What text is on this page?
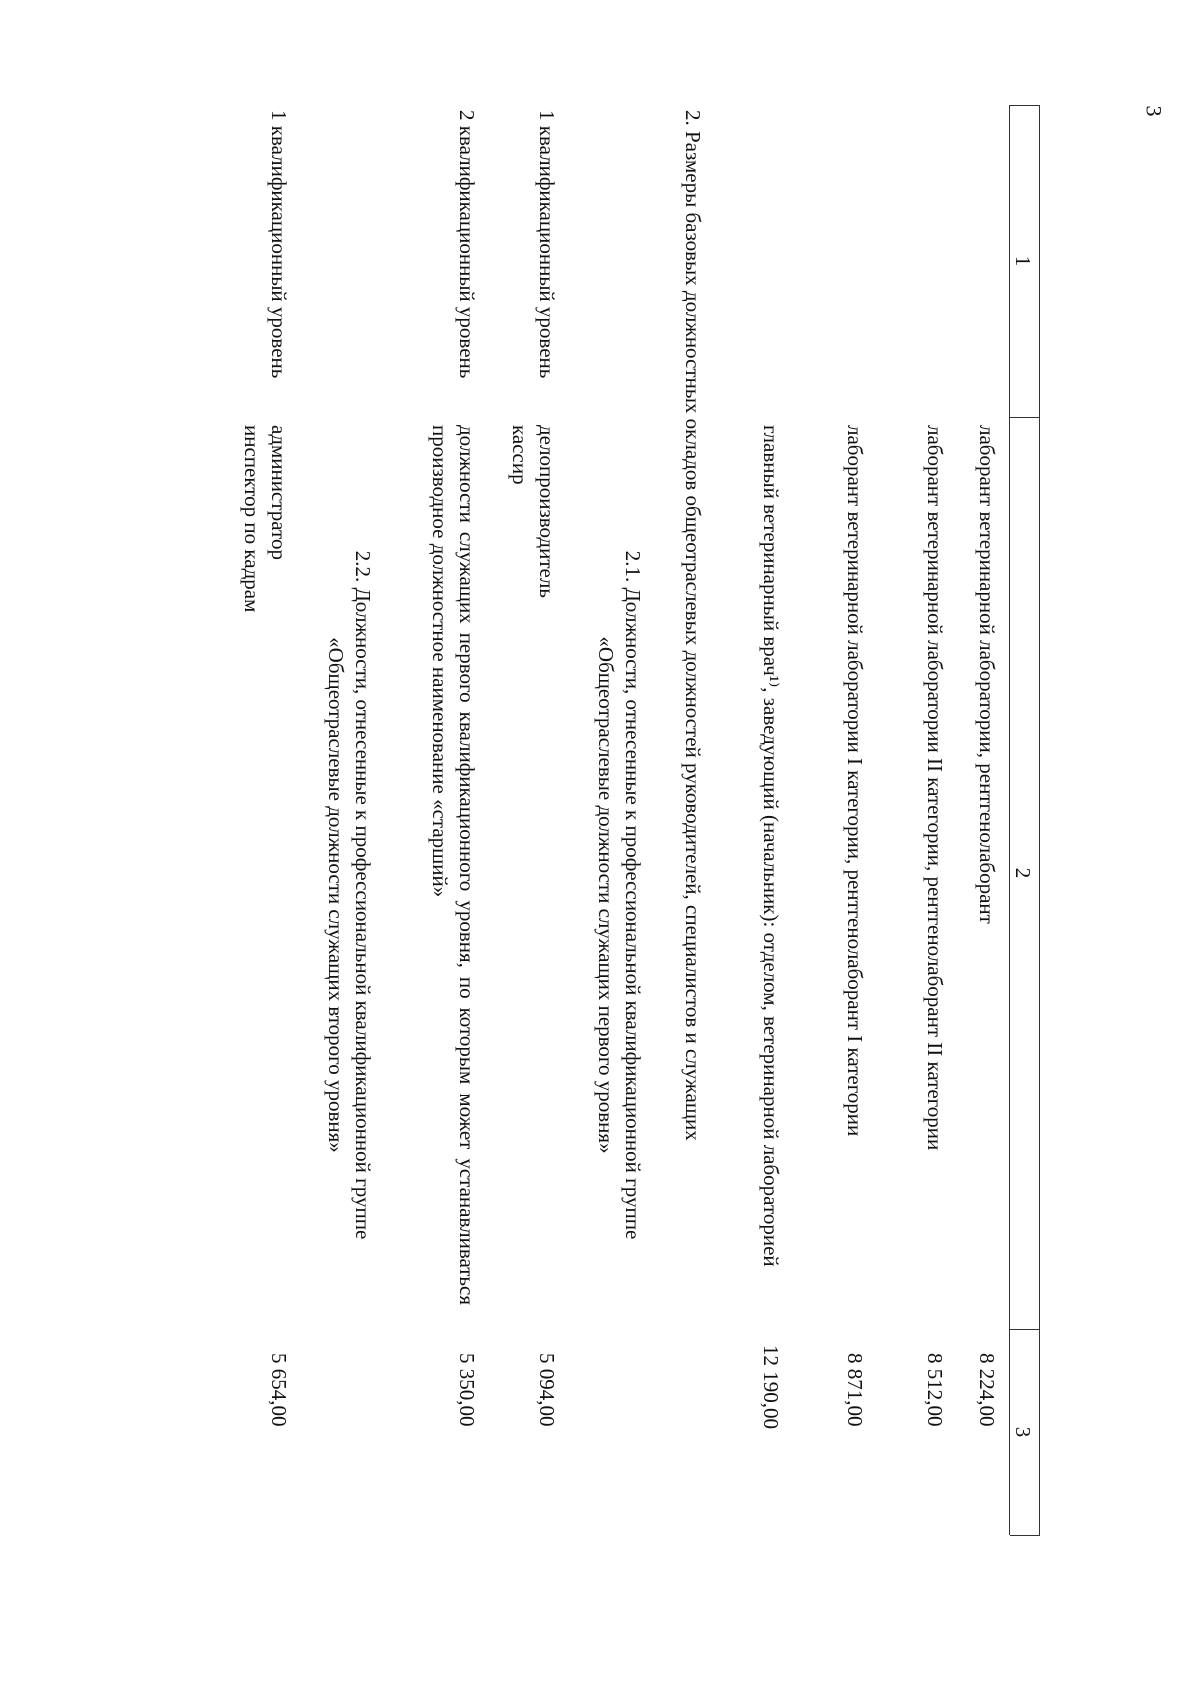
3
1
2
3
лаборант ветеринарной лаборатории, рентгенолаборант
8 224,00
лаборант ветеринарной лаборатории II категории, рентгенолаборант II категории
8 512,00
лаборант ветеринарной лаборатории I категории, рентгенолаборант I категории
8 871,00
главный ветеринарный врач¹⁾, заведующий (начальник): отделом, ветеринарной лабораторией
12 190,00
2. Размеры базовых должностных окладов общеотраслевых должностей руководителей, специалистов и служащих
2.1. Должности, отнесенные к профессиональной квалификационной группе
«Общеотраслевые должности служащих первого уровня»
1 квалификационный уровень
делопроизводитель
кассир
5 094,00
2 квалификационный уровень
должности служащих первого квалификационного уровня, по которым может устанавливаться производное должностное наименование «старший»
5 350,00
2.2. Должности, отнесенные к профессиональной квалификационной группе
«Общеотраслевые должности служащих второго уровня»
1 квалификационный уровень
администратор
инспектор по кадрам
5 654,00
